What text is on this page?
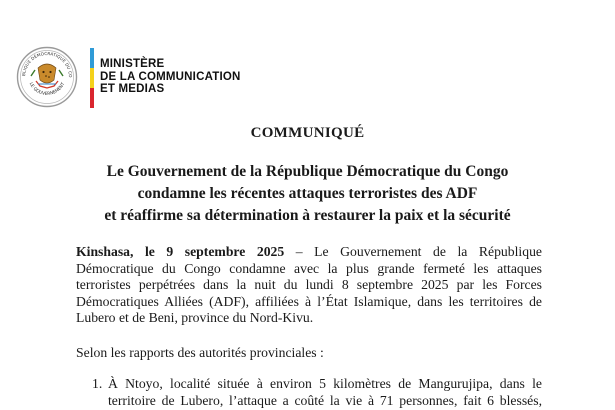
BLIQUE DÉMOCRATIQUE DU CO
LE GOUVERNEMENT
MINISTÈRE
DE LA COMMUNICATION
ET MEDIAS
COMMUNIQUÉ
Le Gouvernement de la République Démocratique du Congo
condamne les récentes attaques terroristes des ADF
et réaffirme sa détermination à restaurer la paix et la sécurité
Kinshasa, le 9 septembre 2025 – Le Gouvernement de la République
Démocratique du Congo condamne avec la plus grande fermeté les attaques
terroristes perpétrées dans la nuit du lundi 8 septembre 2025 par les Forces
Démocratiques Alliées (ADF), affiliées à l’État Islamique, dans les territoires de
Lubero et de Beni, province du Nord-Kivu.
Selon les rapports des autorités provinciales :
1. À Ntoyo, localité située à environ 5 kilomètres de Mangurujipa, dans le
territoire de Lubero, l’attaque a coûté la vie à 71 personnes, fait 6 blessés,
